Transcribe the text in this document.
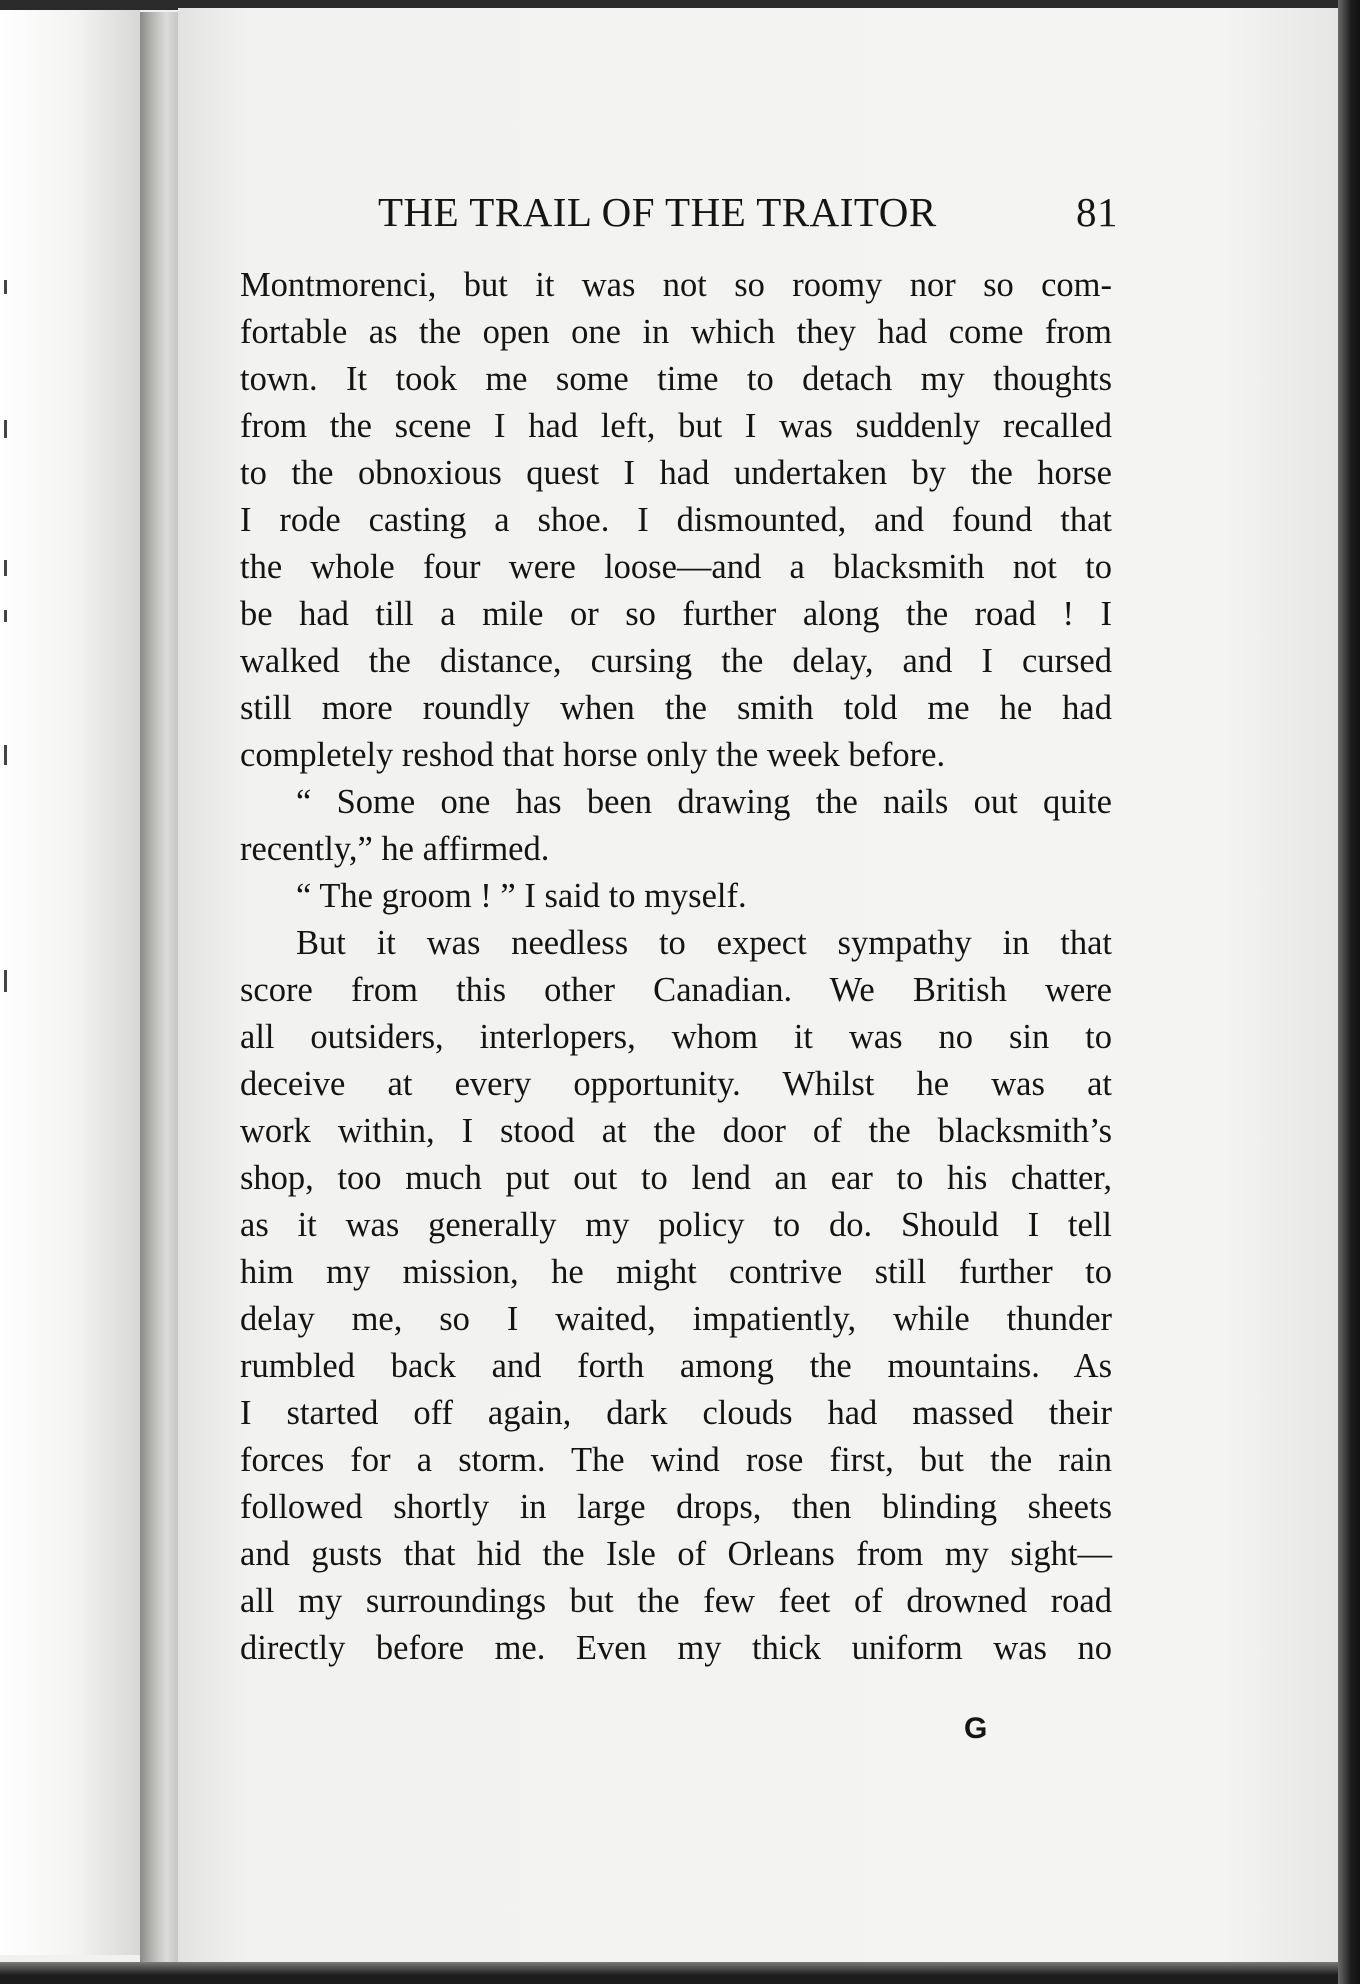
THE TRAIL OF THE TRAITOR	81
Montmorenci, but it was not so roomy nor so com-
fortable as the open one in which they had come from
town. It took me some time to detach my thoughts
from the scene I had left, but I was suddenly recalled
to the obnoxious quest I had undertaken by the horse
I rode casting a shoe. I dismounted, and found that
the whole four were loose—and a blacksmith not to
be had till a mile or so further along the road ! I
walked the distance, cursing the delay, and I cursed
still more roundly when the smith told me he had
completely reshod that horse only the week before.
“ Some one has been drawing the nails out quite
recently,” he affirmed.
“ The groom ! ” I said to myself.
But it was needless to expect sympathy in that
score from this other Canadian. We British were
all outsiders, interlopers, whom it was no sin to
deceive at every opportunity. Whilst he was at
work within, I stood at the door of the blacksmith’s
shop, too much put out to lend an ear to his chatter,
as it was generally my policy to do. Should I tell
him my mission, he might contrive still further to
delay me, so I waited, impatiently, while thunder
rumbled back and forth among the mountains. As
I started off again, dark clouds had massed their
forces for a storm. The wind rose first, but the rain
followed shortly in large drops, then blinding sheets
and gusts that hid the Isle of Orleans from my sight—
all my surroundings but the few feet of drowned road
directly before me. Even my thick uniform was no
G
